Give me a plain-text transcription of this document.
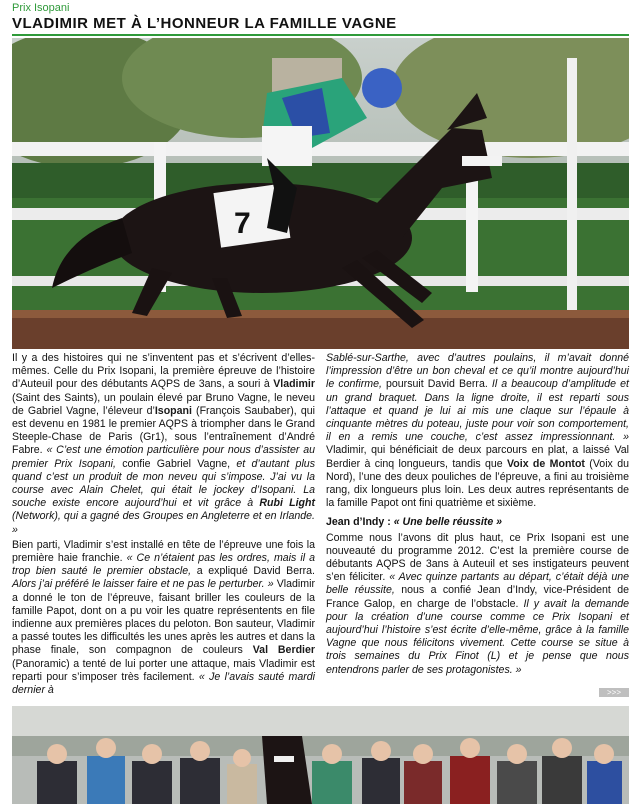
Prix Isopani
VLADIMIR MET À L’HONNEUR LA FAMILLE VAGNE
7

Il y a des histoires qui ne s’inventent pas et s’écrivent d’elles-mêmes. Celle du Prix Isopani, la première épreuve de l’histoire d’Auteuil pour des débutants AQPS de 3ans, a souri à Vladimir (Saint des Saints), un poulain élevé par Bruno Vagne, le neveu de Gabriel Vagne, l’éleveur d’Isopani (François Saubaber), qui est devenu en 1981 le premier AQPS à triompher dans le Grand Steeple-Chase de Paris (Gr1), sous l’entraînement d’André Fabre. « C’est une émotion particulière pour nous d’assister au premier Prix Isopani, confie Gabriel Vagne, et d’autant plus quand c’est un produit de mon neveu qui s’impose. J’ai vu la course avec Alain Chelet, qui était le jockey d’Isopani. La souche existe encore aujourd’hui et vit grâce à Rubi Light (Network), qui a gagné des Groupes en Angleterre et en Irlande. »

Bien parti, Vladimir s’est installé en tête de l’épreuve une fois la première haie franchie. « Ce n’étaient pas les ordres, mais il a trop bien sauté le premier obstacle, a expliqué David Berra. Alors j’ai préféré le laisser faire et ne pas le perturber. » Vladimir a donné le ton de l’épreuve, faisant briller les couleurs de la famille Papot, dont on a pu voir les quatre représentents en file indienne aux premières places du peloton. Bon sauteur, Vladimir a passé toutes les difficultés les unes après les autres et dans la phase finale, son compagnon de couleurs Val Berdier (Panoramic) a tenté de lui porter une attaque, mais Vladimir est reparti pour s’imposer très facilement. « Je l’avais sauté mardi dernier à

Sablé-sur-Sarthe, avec d’autres poulains, il m’avait donné l’impression d’être un bon cheval et ce qu’il montre aujourd’hui le confirme, poursuit David Berra. Il a beaucoup d’amplitude et un grand braquet. Dans la ligne droite, il est reparti sous l’attaque et quand je lui ai mis une claque sur l’épaule à cinquante mètres du poteau, juste pour voir son comportement, il en a remis une couche, c’est assez impressionnant. » Vladimir, qui bénéficiait de deux parcours en plat, a laissé Val Berdier à cinq longueurs, tandis que Voix de Montot (Voix du Nord), l’une des deux pouliches de l’épreuve, a fini au troisième rang, dix longueurs plus loin. Les deux autres représentants de la famille Papot ont fini quatrième et sixième.

Jean d’Indy : « Une belle réussite »

Comme nous l’avons dit plus haut, ce Prix Isopani est une nouveauté du programme 2012. C’est la première course de débutants AQPS de 3ans à Auteuil et ses instigateurs peuvent s’en féliciter. « Avec quinze partants au départ, c’était déjà une belle réussite, nous a confié Jean d’Indy, vice-Président de France Galop, en charge de l’obstacle. Il y avait la demande pour la création d’une course comme ce Prix Isopani et aujourd’hui l’histoire s’est écrite d’elle-même, grâce à la famille Vagne que nous félicitons vivement. Cette course se situe à trois semaines du Prix Finot (L) et je pense que nous entendrons parler de ses protagonistes. »

>>>
